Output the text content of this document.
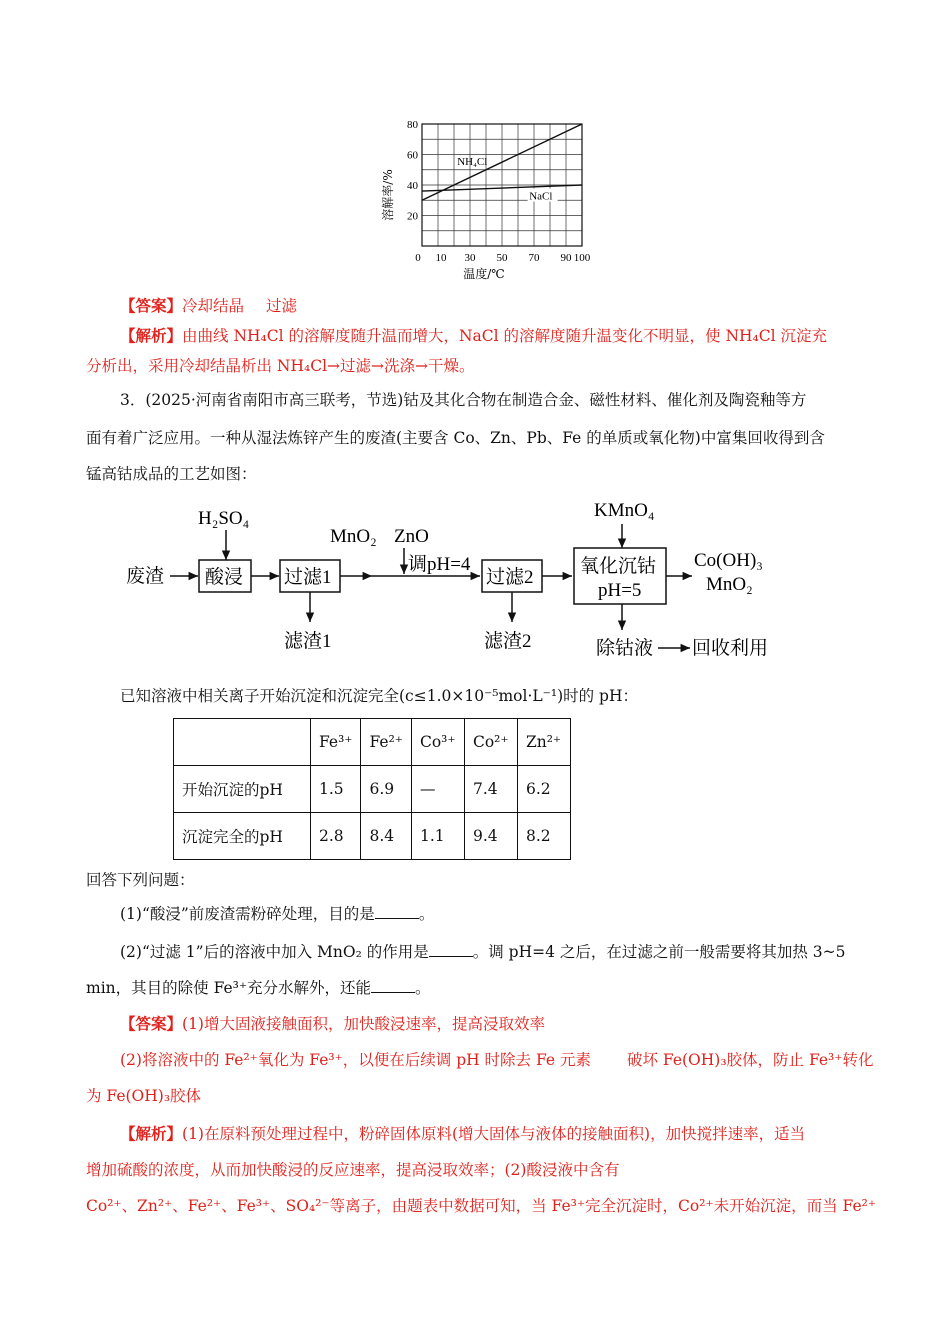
20
40
60
80
0 10 30 50 70 90 100
温度/℃
溶解率/%
NH₄Cl
NaCl
【答案】冷却结晶 过滤
【解析】由曲线 NH₄Cl 的溶解度随升温而增大，NaCl 的溶解度随升温变化不明显，使 NH₄Cl 沉淀充
分析出，采用冷却结晶析出 NH₄Cl→过滤→洗涤→干燥。
3．(2025·河南省南阳市高三联考，节选)钴及其化合物在制造合金、磁性材料、催化剂及陶瓷釉等方
面有着广泛应用。一种从湿法炼锌产生的废渣(主要含 Co、Zn、Pb、Fe 的单质或氧化物)中富集回收得到含
锰高钴成品的工艺如图：
废渣
H₂SO₄
酸浸 过滤1
滤渣1
MnO₂ ZnO
调pH=4
过滤2
滤渣2
KMnO₄
氧化沉钴
pH=5
Co(OH)₃
MnO₂
除钴液 回收利用
已知溶液中相关离子开始沉淀和沉淀完全(c≤1.0×10⁻⁵mol·L⁻¹)时的 pH：
	Fe³⁺	Fe²⁺	Co³⁺	Co²⁺	Zn²⁺
开始沉淀的pH	1.5	6.9	—	7.4	6.2
沉淀完全的pH	2.8	8.4	1.1	9.4	8.2
回答下列问题：
(1)“酸浸”前废渣需粉碎处理，目的是	。
(2)“过滤 1”后的溶液中加入 MnO₂ 的作用是	。调 pH=4 之后，在过滤之前一般需要将其加热 3~5
min，其目的除使 Fe³⁺充分水解外，还能	。
【答案】(1)增大固液接触面积，加快酸浸速率，提高浸取效率
(2)将溶液中的 Fe²⁺氧化为 Fe³⁺，以便在后续调 pH 时除去 Fe 元素 破坏 Fe(OH)₃胶体，防止 Fe³⁺转化
为 Fe(OH)₃胶体
【解析】(1)在原料预处理过程中，粉碎固体原料(增大固体与液体的接触面积)，加快搅拌速率，适当
增加硫酸的浓度，从而加快酸浸的反应速率，提高浸取效率；(2)酸浸液中含有
Co²⁺、Zn²⁺、Fe²⁺、Fe³⁺、SO₄²⁻等离子，由题表中数据可知，当 Fe³⁺完全沉淀时，Co²⁺未开始沉淀，而当 Fe²⁺
